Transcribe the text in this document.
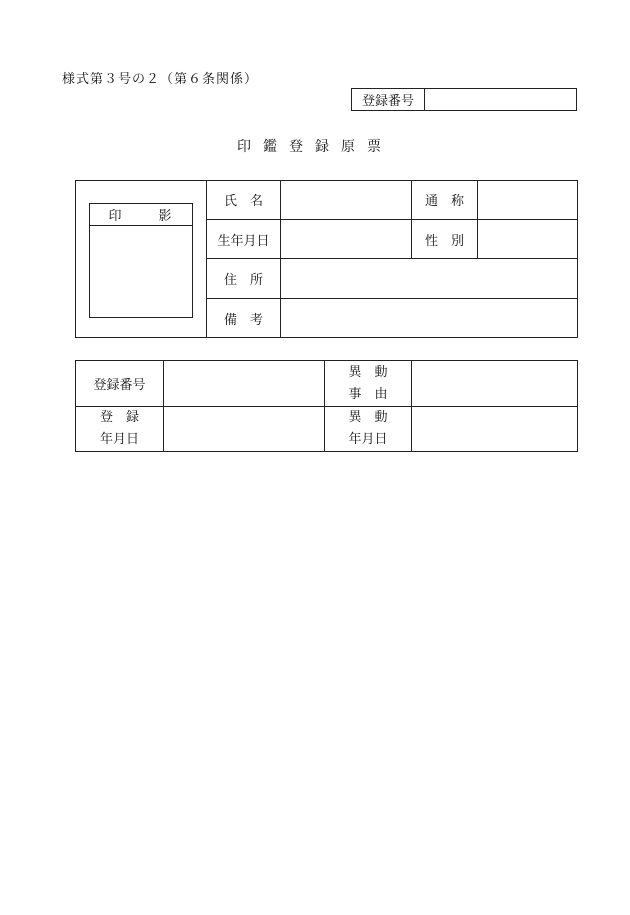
様式第３号の２（第６条関係）
登録番号
印鑑登録原票
印　影
氏　名	通　称
生年月日	性　別
住　所
備　考
登録番号
異　動
事　由
登　録
年月日
異　動
年月日
